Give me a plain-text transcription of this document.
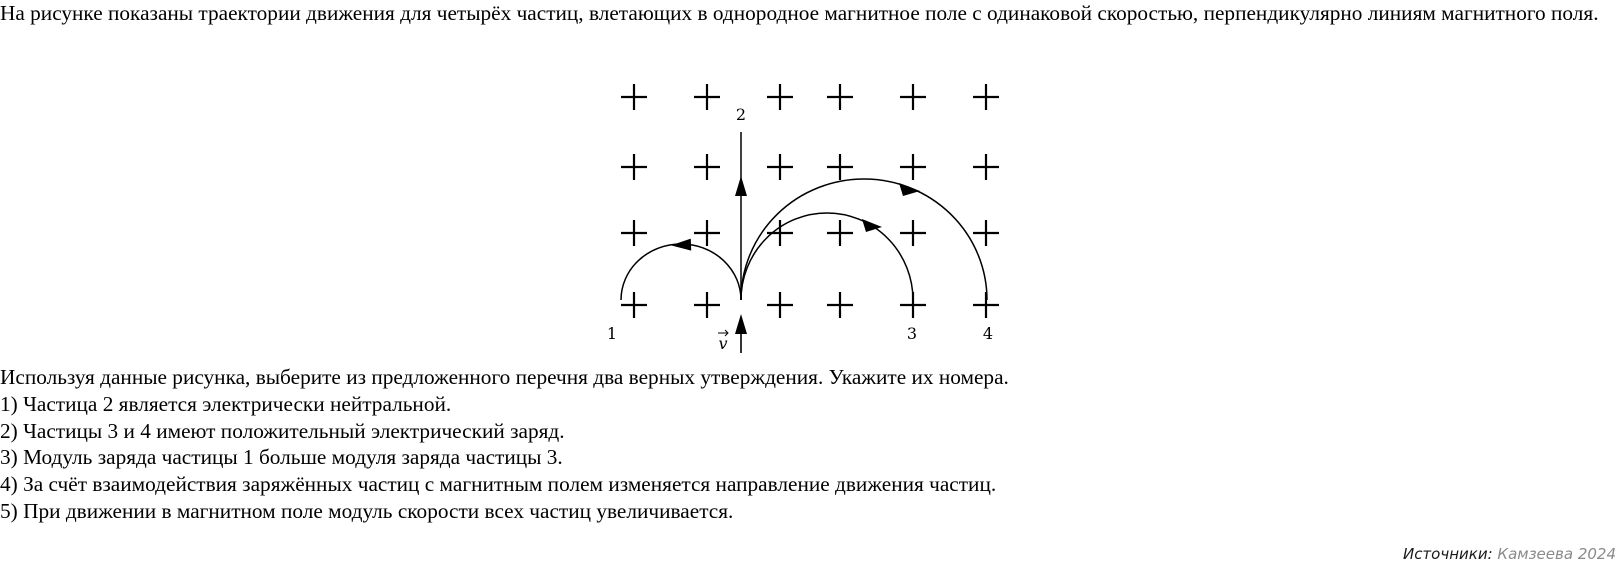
На рисунке показаны траектории движения для четырёх частиц, влетающих в однородное магнитное поле с одинаковой скоростью, перпендикулярно линиям магнитного поля.

2
1	3	4
v
Используя данные рисунка, выберите из предложенного перечня два верных утверждения. Укажите их номера.
1) Частица 2 является электрически нейтральной.
2) Частицы 3 и 4 имеют положительный электрический заряд.
3) Модуль заряда частицы 1 больше модуля заряда частицы 3.
4) За счёт взаимодействия заряжённых частиц с магнитным полем изменяется направление движения частиц.
5) При движении в магнитном поле модуль скорости всех частиц увеличивается.
Источники: Камзеева 2024
